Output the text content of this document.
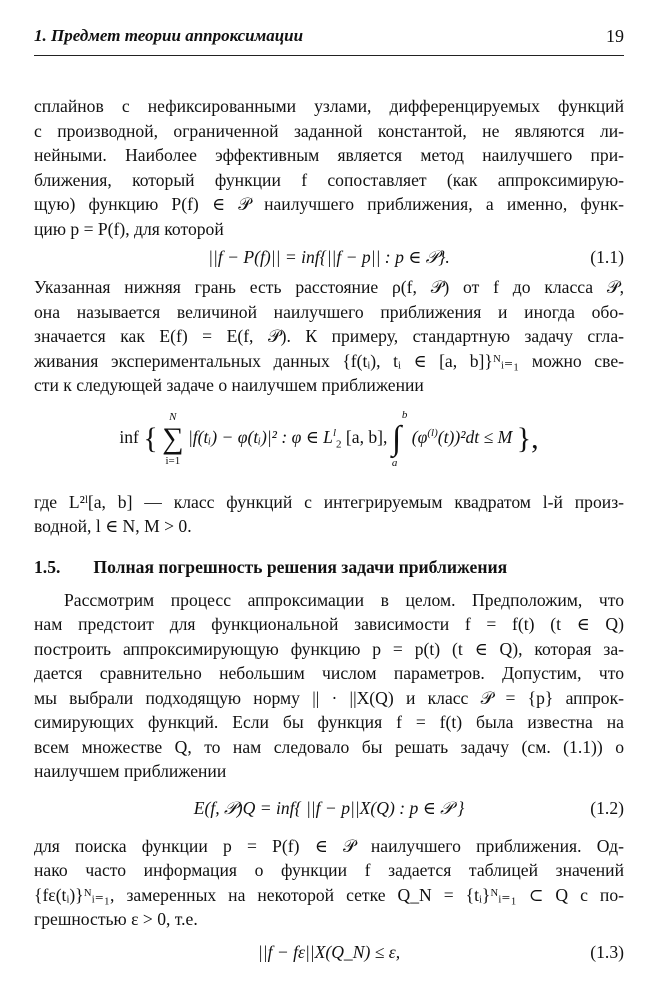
1. Предмет теории аппроксимации	19

сплайнов с нефиксированными узлами, дифференцируемых функций
с производной, ограниченной заданной константой, не являются ли-
нейными. Наиболее эффективным является метод наилучшего при-
ближения, который функции f сопоставляет (как аппроксимирую-
щую) функцию P(f) ∈ 𝒫 наилучшего приближения, а именно, функ-
цию p = P(f), для которой

||f − P(f)|| = inf{||f − p|| : p ∈ 𝒫}.	(1.1)

Указанная нижняя грань есть расстояние ρ(f, 𝒫) от f до класса 𝒫,
она называется величиной наилучшего приближения и иногда обо-
значается как E(f) = E(f, 𝒫). К примеру, стандартную задачу сгла-
живания экспериментальных данных {f(tᵢ), tᵢ ∈ [a, b]}ᴺᵢ₌₁ можно све-
сти к следующей задаче о наилучшем приближении

inf {
N
∑
i=1
|f(tᵢ) − φ(tᵢ)|² : φ ∈ $L^l_2$ [a, b],
b
∫
a
$(\varphi^{(l)}(t))^2dt \le M$ },

где L²ˡ[a, b] — класс функций с интегрируемым квадратом l-й произ-
водной, l ∈ N, M > 0.

1.5. Полная погрешность решения задачи приближения

Рассмотрим процесс аппроксимации в целом. Предположим, что
нам предстоит для функциональной зависимости f = f(t) (t ∈ Q)
построить аппроксимирующую функцию p = p(t) (t ∈ Q), которая за-
дается сравнительно небольшим числом параметров. Допустим, что
мы выбрали подходящую норму || · ||X(Q) и класс 𝒫 = {p} аппрок-
симирующих функций. Если бы функция f = f(t) была известна на
всем множестве Q, то нам следовало бы решать задачу (см. (1.1)) о
наилучшем приближении

E(f, 𝒫)Q = inf{ ||f − p||X(Q) : p ∈ 𝒫 }	(1.2)

для поиска функции p = P(f) ∈ 𝒫 наилучшего приближения. Од-
нако часто информация о функции f задается таблицей значений
{fε(tᵢ)}ᴺᵢ₌₁, замеренных на некоторой сетке Q_N = {tᵢ}ᴺᵢ₌₁ ⊂ Q с по-
грешностью ε > 0, т.е.

||f − fε||X(Q_N) ≤ ε,	(1.3)
